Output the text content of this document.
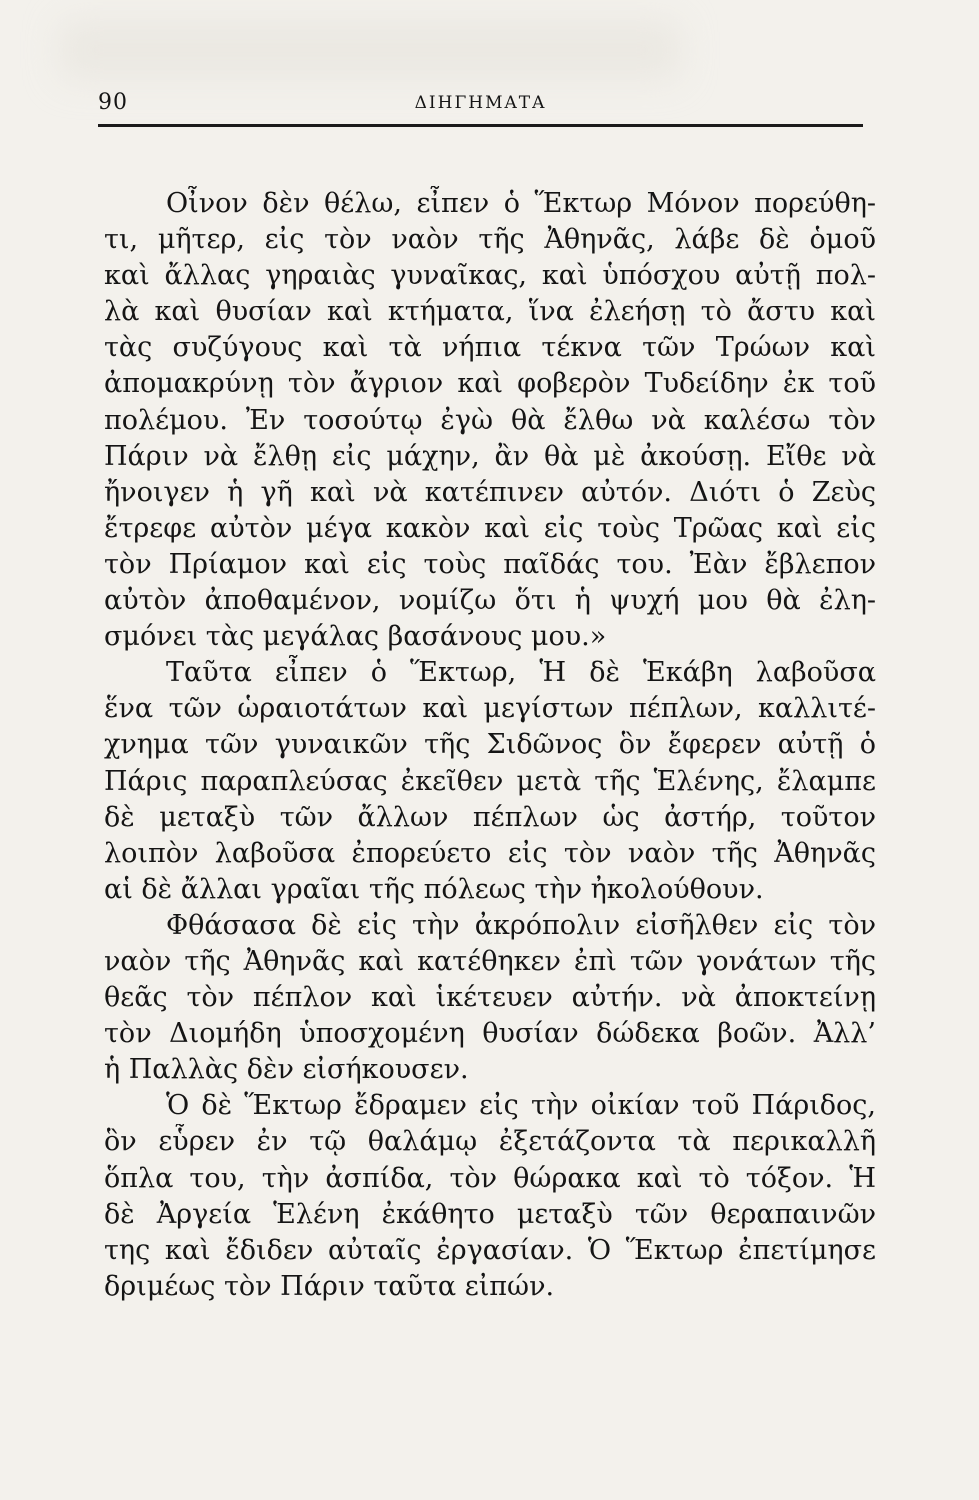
90	ΔΙΗΓΗΜΑΤΑ
Οἶνον δὲν θέλω, εἶπεν ὁ Ἕκτωρ Μόνον πορεύθη-
τι, μῆτερ, εἰς τὸν ναὸν τῆς Ἀθηνᾶς, λάβε δὲ ὁμοῦ
καὶ ἄλλας γηραιὰς γυναῖκας, καὶ ὑπόσχου αὐτῇ πολ-
λὰ καὶ θυσίαν καὶ κτήματα, ἵνα ἐλεήσῃ τὸ ἄστυ καὶ
τὰς συζύγους καὶ τὰ νήπια τέκνα τῶν Τρώων καὶ
ἀπομακρύνῃ τὸν ἄγριον καὶ φοβερὸν Τυδείδην ἐκ τοῦ
πολέμου. Ἐν τοσούτῳ ἐγὼ θὰ ἔλθω νὰ καλέσω τὸν
Πάριν νὰ ἔλθῃ εἰς μάχην, ἂν θὰ μὲ ἀκούσῃ. Εἴθε νὰ
ἤνοιγεν ἡ γῆ καὶ νὰ κατέπινεν αὐτόν. Διότι ὁ Ζεὺς
ἔτρεφε αὐτὸν μέγα κακὸν καὶ εἰς τοὺς Τρῶας καὶ εἰς
τὸν Πρίαμον καὶ εἰς τοὺς παῖδάς του. Ἐὰν ἔβλεπον
αὐτὸν ἀποθαμένον, νομίζω ὅτι ἡ ψυχή μου θὰ ἐλη-
σμόνει τὰς μεγάλας βασάνους μου.»
Ταῦτα εἶπεν ὁ Ἕκτωρ, Ἡ δὲ Ἑκάβη λαβοῦσα
ἕνα τῶν ὡραιοτάτων καὶ μεγίστων πέπλων, καλλιτέ-
χνημα τῶν γυναικῶν τῆς Σιδῶνος ὃν ἔφερεν αὐτῇ ὁ
Πάρις παραπλεύσας ἐκεῖθεν μετὰ τῆς Ἑλένης, ἔλαμπε
δὲ μεταξὺ τῶν ἄλλων πέπλων ὡς ἀστήρ, τοῦτον
λοιπὸν λαβοῦσα ἐπορεύετο εἰς τὸν ναὸν τῆς Ἀθηνᾶς
αἱ δὲ ἄλλαι γραῖαι τῆς πόλεως τὴν ἠκολούθουν.
Φθάσασα δὲ εἰς τὴν ἀκρόπολιν εἰσῆλθεν εἰς τὸν
ναὸν τῆς Ἀθηνᾶς καὶ κατέθηκεν ἐπὶ τῶν γονάτων τῆς
θεᾶς τὸν πέπλον καὶ ἱκέτευεν αὐτήν. νὰ ἀποκτείνῃ
τὸν Διομήδη ὑποσχομένη θυσίαν δώδεκα βοῶν. Ἀλλ’
ἡ Παλλὰς δὲν εἰσήκουσεν.
Ὁ δὲ Ἕκτωρ ἔδραμεν εἰς τὴν οἰκίαν τοῦ Πάριδος,
ὃν εὗρεν ἐν τῷ θαλάμῳ ἐξετάζοντα τὰ περικαλλῆ
ὅπλα του, τὴν ἀσπίδα, τὸν θώρακα καὶ τὸ τόξον. Ἡ
δὲ Ἀργεία Ἑλένη ἐκάθητο μεταξὺ τῶν θεραπαινῶν
της καὶ ἔδιδεν αὐταῖς ἐργασίαν. Ὁ Ἕκτωρ ἐπετίμησε
δριμέως τὸν Πάριν ταῦτα εἰπών.
